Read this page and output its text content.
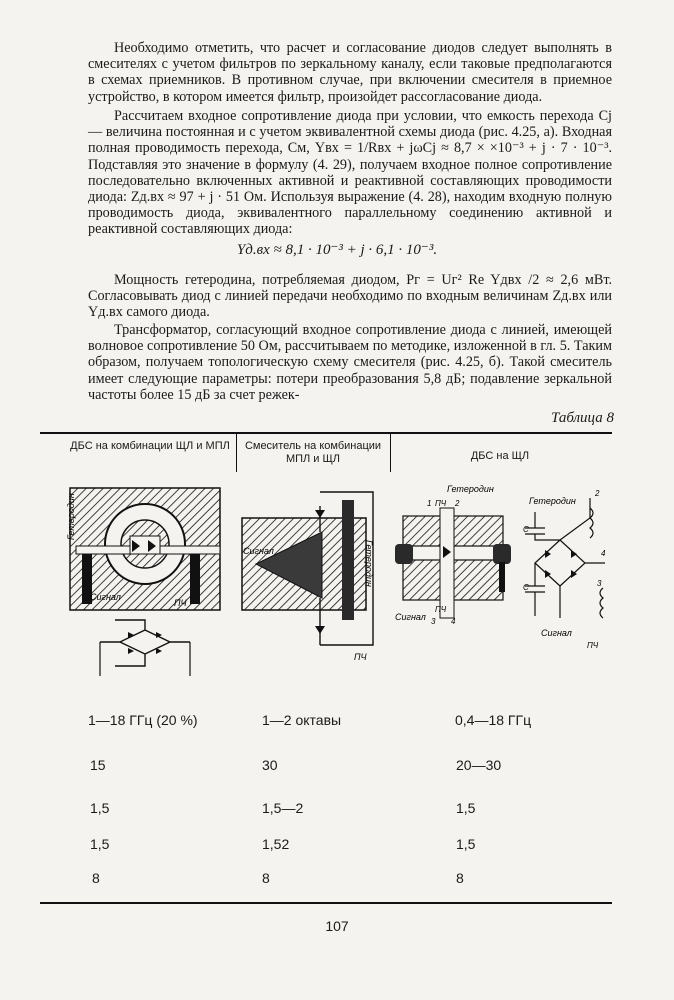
Необходимо отметить, что расчет и согласование диодов следует выполнять в смесителях с учетом фильтров по зеркальному каналу, если таковые предполагаются в схемах приемников. В противном случае, при включении смесителя в приемное устройство, в котором имеется фильтр, произойдет рассогласование диода.

Рассчитаем входное сопротивление диода при условии, что емкость перехода Cj — величина постоянная и с учетом эквивалентной схемы диода (рис. 4.25, а). Входная полная проводимость перехода, См, Yвх = 1/Rвх + jωCj ≈ 8,7 × ×10⁻³ + j · 7 · 10⁻³. Подставляя это значение в формулу (4. 29), получаем входное полное сопротивление последовательно включенных активной и реактивной составляющих проводимости диода: Zд.вх ≈ 97 + j · 51 Ом. Используя выражение (4. 28), находим входную полную проводимость диода, эквивалентного параллельному соединению активной и реактивной составляющих диода:

Yд.вх ≈ 8,1 · 10⁻³ + j · 6,1 · 10⁻³.

Мощность гетеродина, потребляемая диодом, Pг = Uг² Re Yдвх /2 ≈ 2,6 мВт. Согласовывать диод с линией передачи необходимо по входным величинам Zд.вх или Yд.вх самого диода.

Трансформатор, согласующий входное сопротивление диода с линией, имеющей волновое сопротивление 50 Ом, рассчитываем по методике, изложенной в гл. 5. Таким образом, получаем топологическую схему смесителя (рис. 4.25, б). Такой смеситель имеет следующие параметры: потери преобразования 5,8 дБ; подавление зеркальной частоты более 15 дБ за счет режек-

Таблица 8
ДБС на комбинации ЩЛ и МПЛ	Смеситель на комбинации МПЛ и ЩЛ	ДБС на ЩЛ
Гетеродин
Сигнал
ПЧ
Сигнал	Гетеродин
ПЧ
Гетеродин
1 ПЧ 2
Сигнал
ПЧ
3 4
Гетеродин
C
C
2
4
3
Сигнал
ПЧ
1—18 ГГц (20 %)	1—2 октавы	0,4—18 ГГц
15	30	20—30
1,5	1,5—2	1,5
1,5	1,52	1,5
8	8	8
107
